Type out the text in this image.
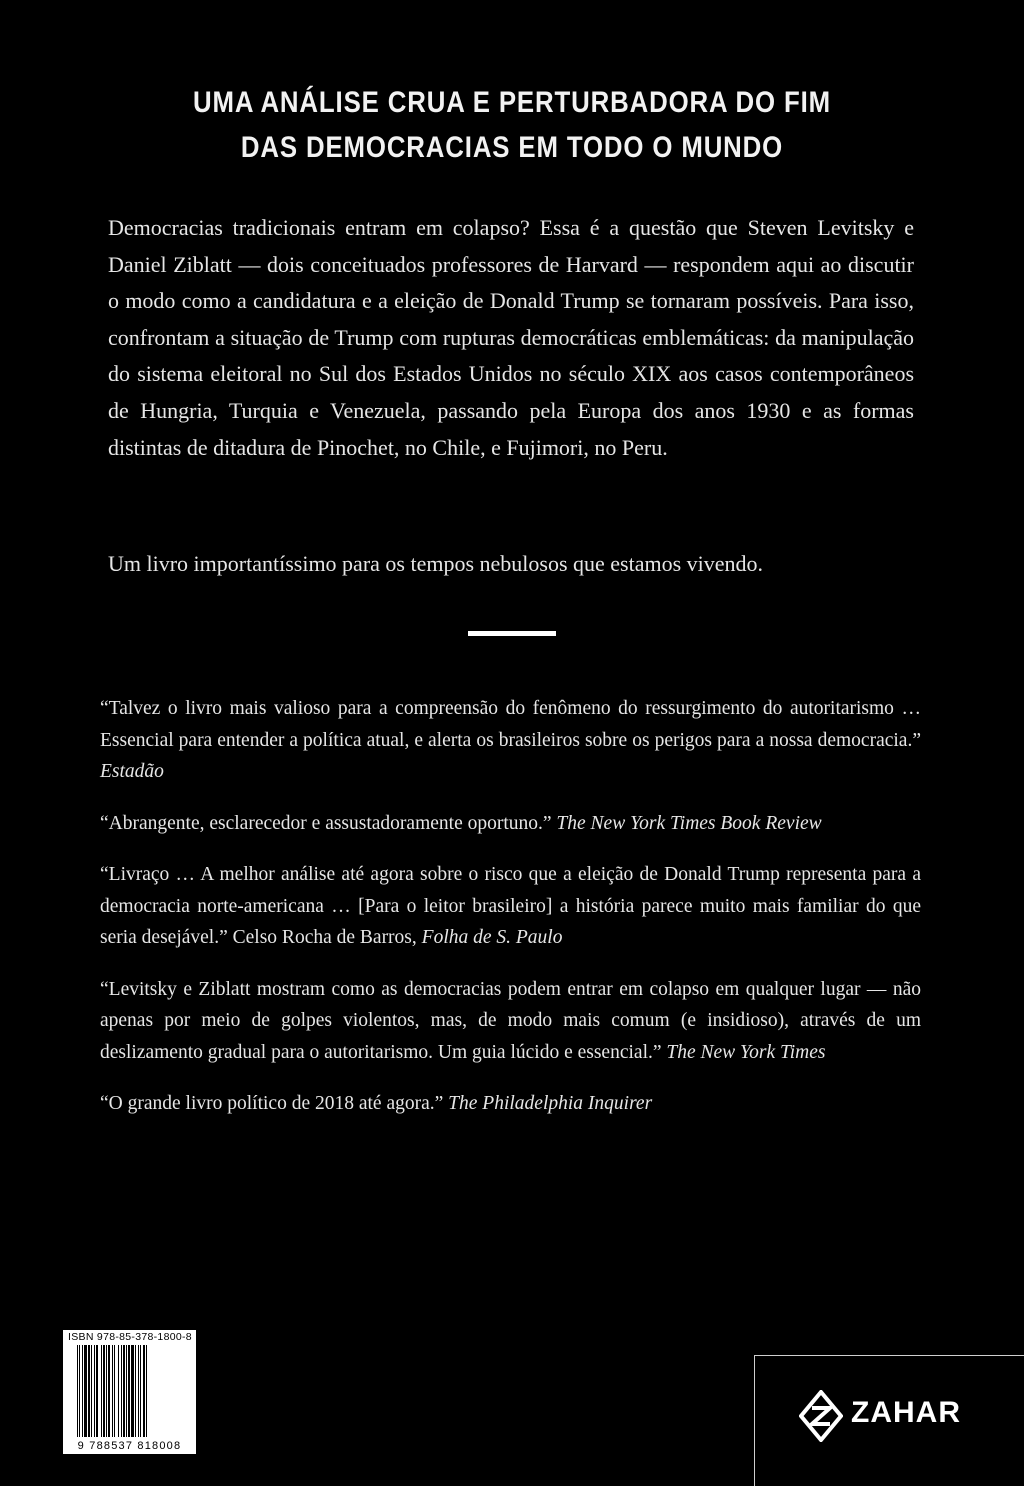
UMA ANÁLISE CRUA E PERTURBADORA DO FIM
DAS DEMOCRACIAS EM TODO O MUNDO
Democracias tradicionais entram em colapso? Essa é a questão que Steven Levitsky e Daniel Ziblatt — dois conceituados professores de Harvard — respondem aqui ao discutir o modo como a candidatura e a eleição de Donald Trump se tornaram possíveis. Para isso, confrontam a situação de Trump com rupturas democráticas emblemáticas: da manipulação do sistema eleitoral no Sul dos Estados Unidos no século XIX aos casos contemporâneos de Hungria, Turquia e Venezuela, passando pela Europa dos anos 1930 e as formas distintas de ditadura de Pinochet, no Chile, e Fujimori, no Peru.
Um livro importantíssimo para os tempos nebulosos que estamos vivendo.
“Talvez o livro mais valioso para a compreensão do fenômeno do ressurgimento do autoritarismo … Essencial para entender a política atual, e alerta os brasileiros sobre os perigos para a nossa democracia.” Estadão
“Abrangente, esclarecedor e assustadoramente oportuno.” The New York Times Book Review
“Livraço … A melhor análise até agora sobre o risco que a eleição de Donald Trump representa para a democracia norte-americana … [Para o leitor brasileiro] a história parece muito mais familiar do que seria desejável.” Celso Rocha de Barros, Folha de S. Paulo
“Levitsky e Ziblatt mostram como as democracias podem entrar em colapso em qualquer lugar — não apenas por meio de golpes violentos, mas, de modo mais comum (e insidioso), através de um deslizamento gradual para o autoritarismo. Um guia lúcido e essencial.” The New York Times
“O grande livro político de 2018 até agora.” The Philadelphia Inquirer
ISBN 978-85-378-1800-8
9 788537 818008
ZAHAR
